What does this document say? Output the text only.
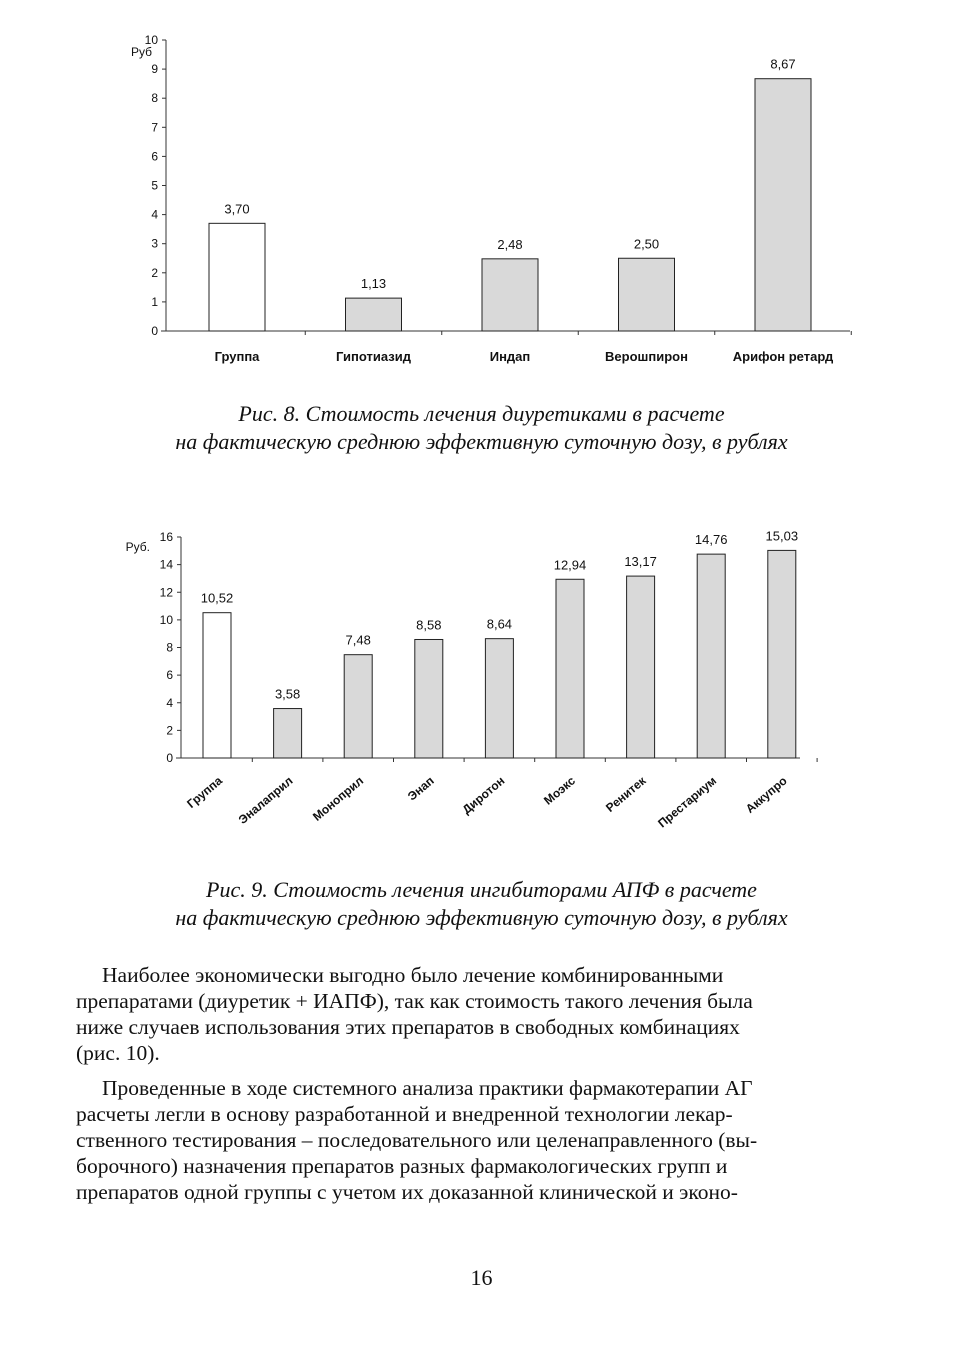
0
1
2
3
4
5
6
7
8
9
10
Руб
3,70
Группа
1,13
Гипотиазид
2,48
Индап
2,50
Верошпирон
8,67
Арифон ретард
Рис. 8. Стоимость лечения диуретиками в расчете
на фактическую среднюю эффективную суточную дозу, в рублях
0
2
4
6
8
10
12
14
16
Руб.
10,52
Группа
3,58
Эналаприл
7,48
Моноприл
8,58
Энап
8,64
Диротон
12,94
Моэкс
13,17
Ренитек
14,76
Престариум
15,03
Аккупро
Рис. 9. Стоимость лечения ингибиторами АПФ в расчете
на фактическую среднюю эффективную суточную дозу, в рублях
Наиболее экономически выгодно было лечение комбинированными
препаратами (диуретик + ИАПФ), так как стоимость такого лечения была
ниже случаев использования этих препаратов в свободных комбинациях
(рис. 10).
Проведенные в ходе системного анализа практики фармакотерапии АГ
расчеты легли в основу разработанной и внедренной технологии лекар-
ственного тестирования – последовательного или целенаправленного (вы-
борочного) назначения препаратов разных фармакологических групп и
препаратов одной группы с учетом их доказанной клинической и эконо-
16
